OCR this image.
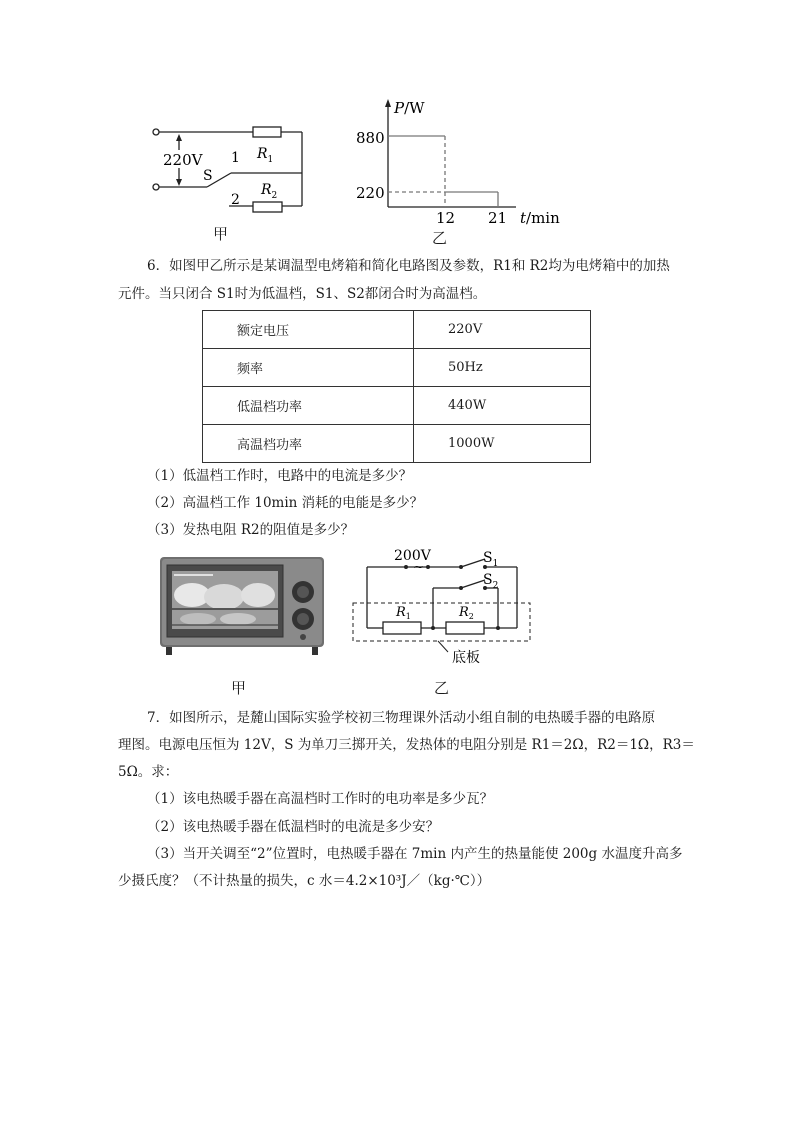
220V 1
S
2
$R_1$
$R_2$
甲
P/W
880
220
12 21 t/min
乙
6．如图甲乙所示是某调温型电烤箱和简化电路图及参数，R1和 R2均为电烤箱中的加热
元件。当只闭合 S1时为低温档，S1、S2都闭合时为高温档。
额定电压	220V
频率	50Hz
低温档功率	440W
高温档功率	1000W
（1）低温档工作时，电路中的电流是多少？
（2）高温档工作 10min 消耗的电能是多少？
（3）发热电阻 R2的阻值是多少？
甲
200V
~
$S_1$
$S_2$
$R_1$	$R_2$
底板
乙
7．如图所示，是麓山国际实验学校初三物理课外活动小组自制的电热暖手器的电路原
理图。电源电压恒为 12V，S 为单刀三掷开关，发热体的电阻分别是 R1＝2Ω，R2＝1Ω，R3＝
5Ω。求：
（1）该电热暖手器在高温档时工作时的电功率是多少瓦？
（2）该电热暖手器在低温档时的电流是多少安？
（3）当开关调至“2”位置时，电热暖手器在 7min 内产生的热量能使 200g 水温度升高多
少摄氏度？（不计热量的损失，c 水＝4.2×10³J／（kg·℃））
